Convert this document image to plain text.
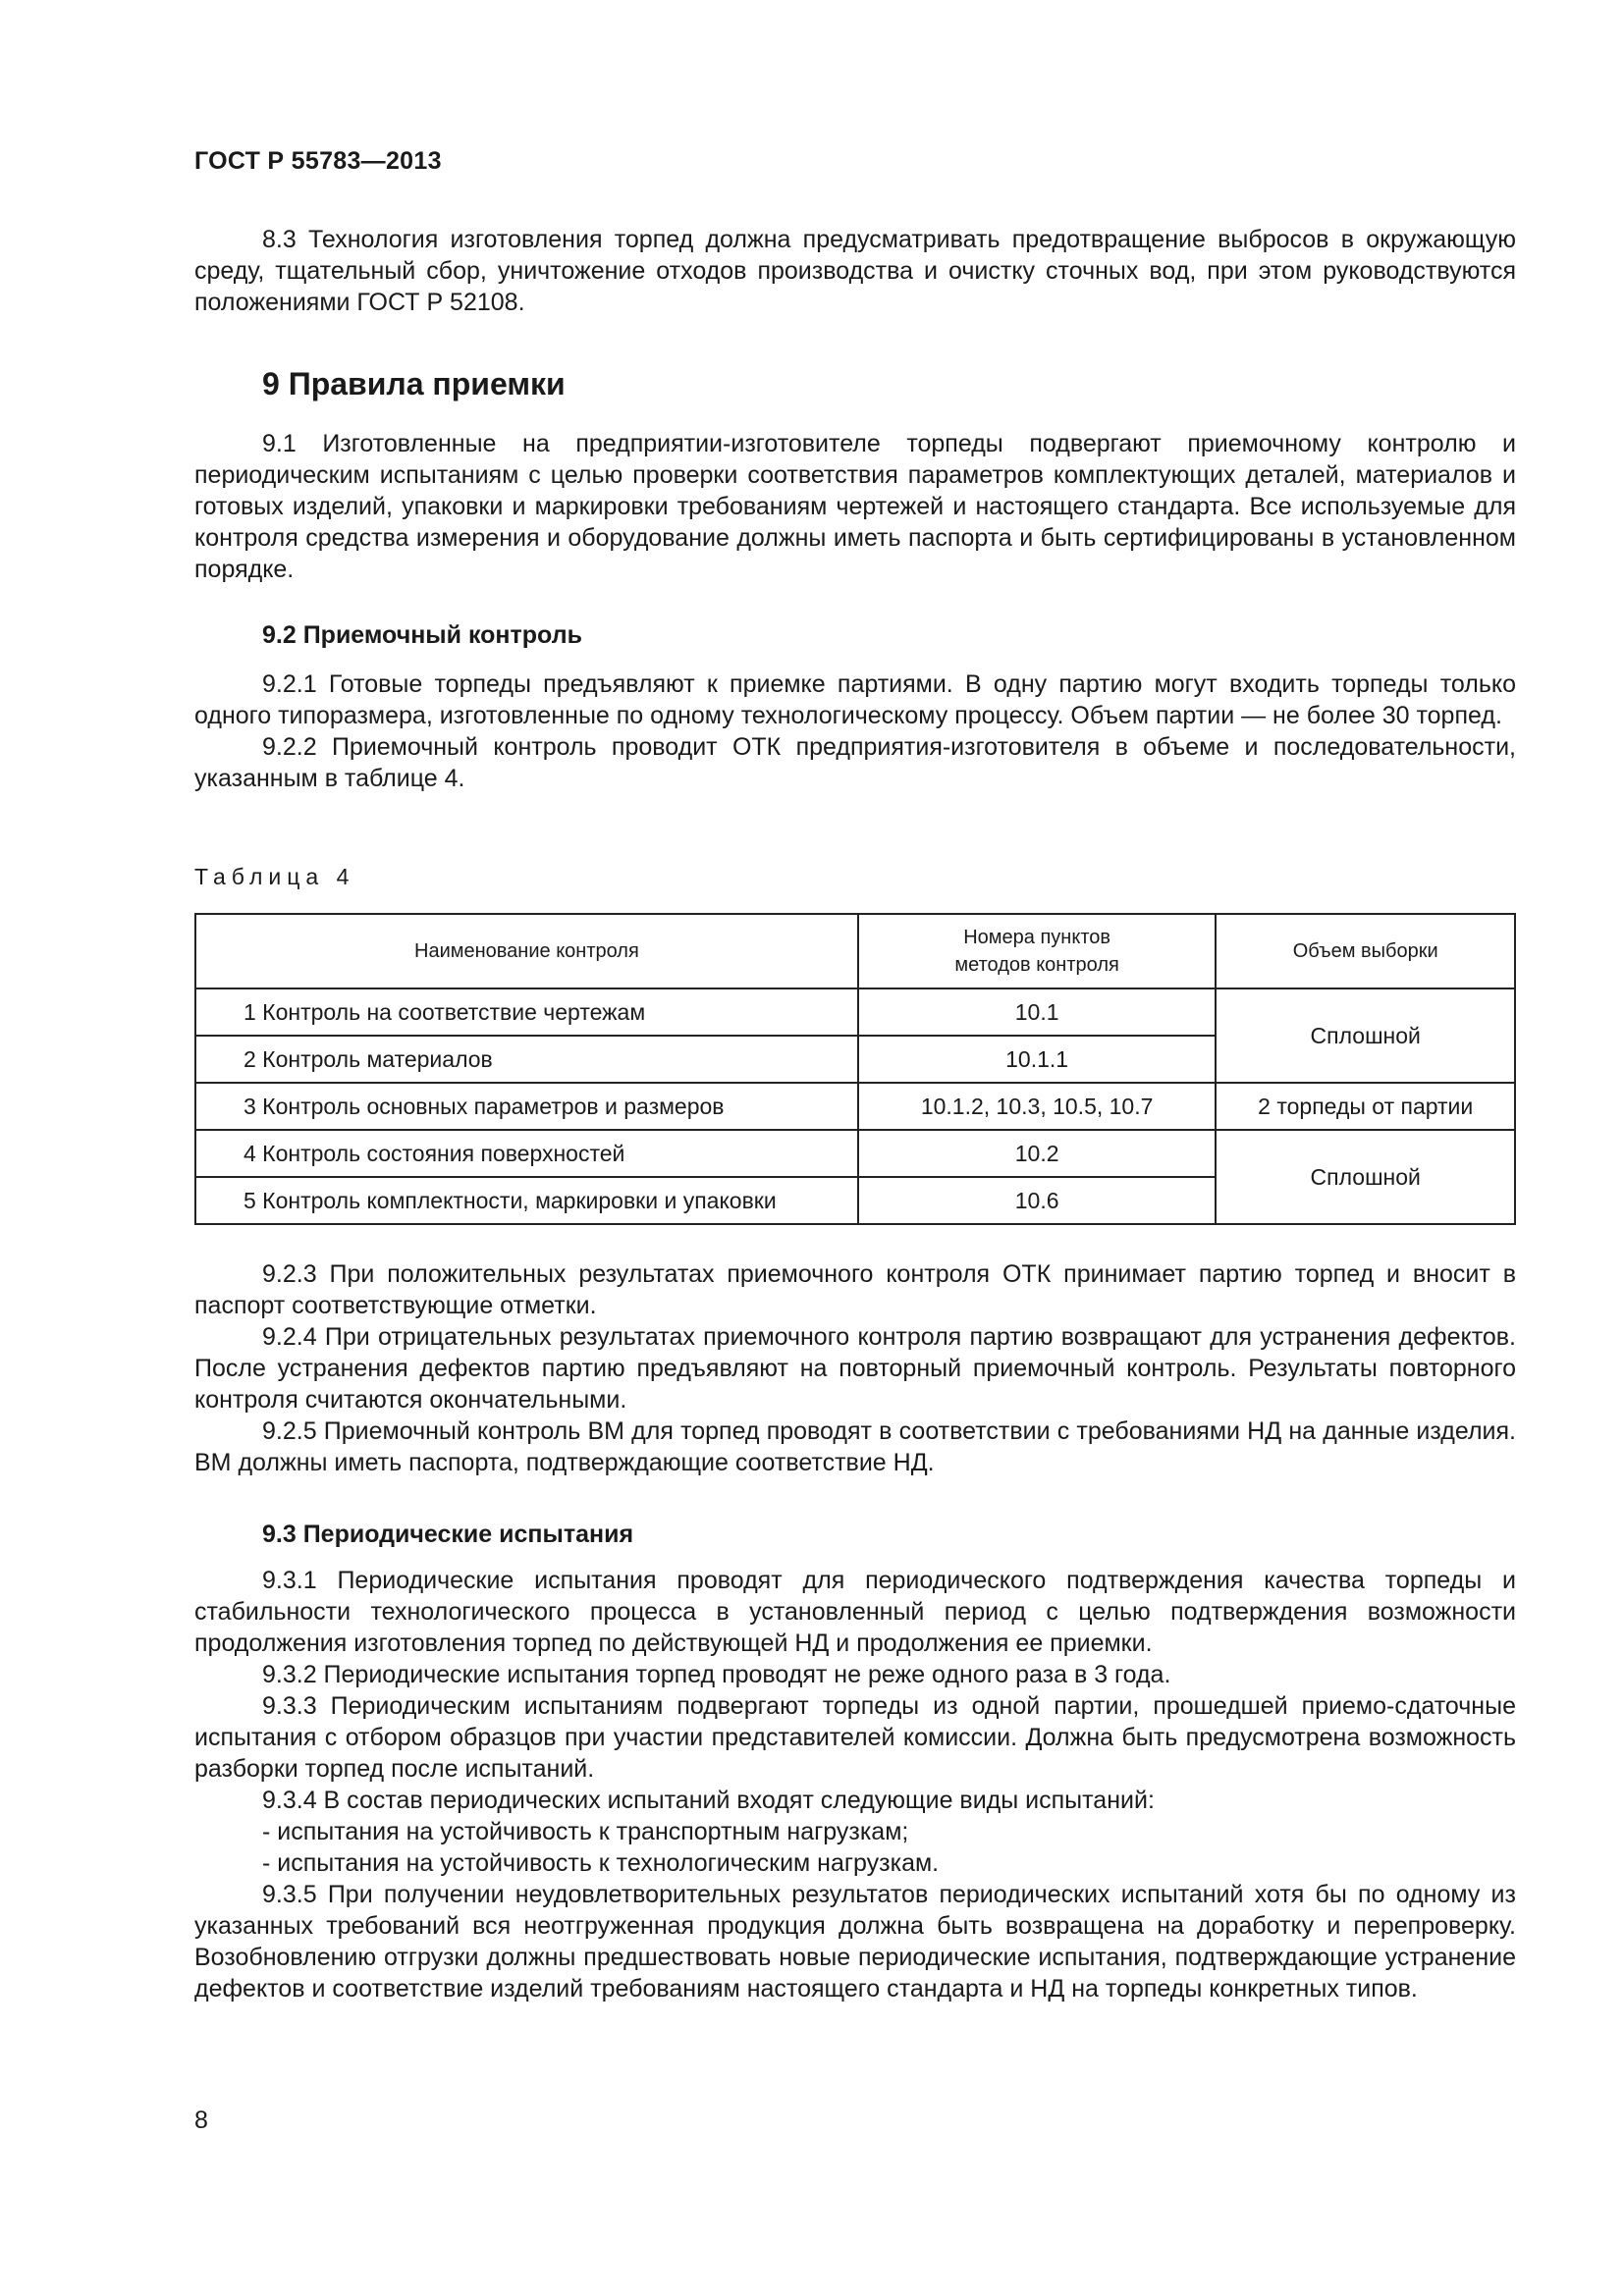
ГОСТ Р 55783—2013

8.3 Технология изготовления торпед должна предусматривать предотвращение выбросов в окружающую среду, тщательный сбор, уничтожение отходов производства и очистку сточных вод, при этом руководствуются положениями ГОСТ Р 52108.

9 Правила приемки

9.1 Изготовленные на предприятии-изготовителе торпеды подвергают приемочному контролю и периодическим испытаниям с целью проверки соответствия параметров комплектующих деталей, материалов и готовых изделий, упаковки и маркировки требованиям чертежей и настоящего стандарта. Все используемые для контроля средства измерения и оборудование должны иметь паспорта и быть сертифицированы в установленном порядке.

9.2 Приемочный контроль

9.2.1 Готовые торпеды предъявляют к приемке партиями. В одну партию могут входить торпеды только одного типоразмера, изготовленные по одному технологическому процессу. Объем партии — не более 30 торпед.

9.2.2 Приемочный контроль проводит ОТК предприятия-изготовителя в объеме и последовательности, указанным в таблице 4.

Таблица 4
Наименование контроля	Номера пунктов методов контроля	Объем выборки
1 Контроль на соответствие чертежам	10.1	Сплошной
2 Контроль материалов	10.1.1	
3 Контроль основных параметров и размеров	10.1.2, 10.3, 10.5, 10.7	2 торпеды от партии
4 Контроль состояния поверхностей	10.2	Сплошной
5 Контроль комплектности, маркировки и упаковки	10.6	

9.2.3 При положительных результатах приемочного контроля ОТК принимает партию торпед и вносит в паспорт соответствующие отметки.

9.2.4 При отрицательных результатах приемочного контроля партию возвращают для устранения дефектов. После устранения дефектов партию предъявляют на повторный приемочный контроль. Результаты повторного контроля считаются окончательными.

9.2.5 Приемочный контроль ВМ для торпед проводят в соответствии с требованиями НД на данные изделия. ВМ должны иметь паспорта, подтверждающие соответствие НД.

9.3 Периодические испытания

9.3.1 Периодические испытания проводят для периодического подтверждения качества торпеды и стабильности технологического процесса в установленный период с целью подтверждения возможности продолжения изготовления торпед по действующей НД и продолжения ее приемки.

9.3.2 Периодические испытания торпед проводят не реже одного раза в 3 года.

9.3.3 Периодическим испытаниям подвергают торпеды из одной партии, прошедшей приемо-сдаточные испытания с отбором образцов при участии представителей комиссии. Должна быть предусмотрена возможность разборки торпед после испытаний.

9.3.4 В состав периодических испытаний входят следующие виды испытаний:

- испытания на устойчивость к транспортным нагрузкам;

- испытания на устойчивость к технологическим нагрузкам.

9.3.5 При получении неудовлетворительных результатов периодических испытаний хотя бы по одному из указанных требований вся неотгруженная продукция должна быть возвращена на доработку и перепроверку. Возобновлению отгрузки должны предшествовать новые периодические испытания, подтверждающие устранение дефектов и соответствие изделий требованиям настоящего стандарта и НД на торпеды конкретных типов.

8
